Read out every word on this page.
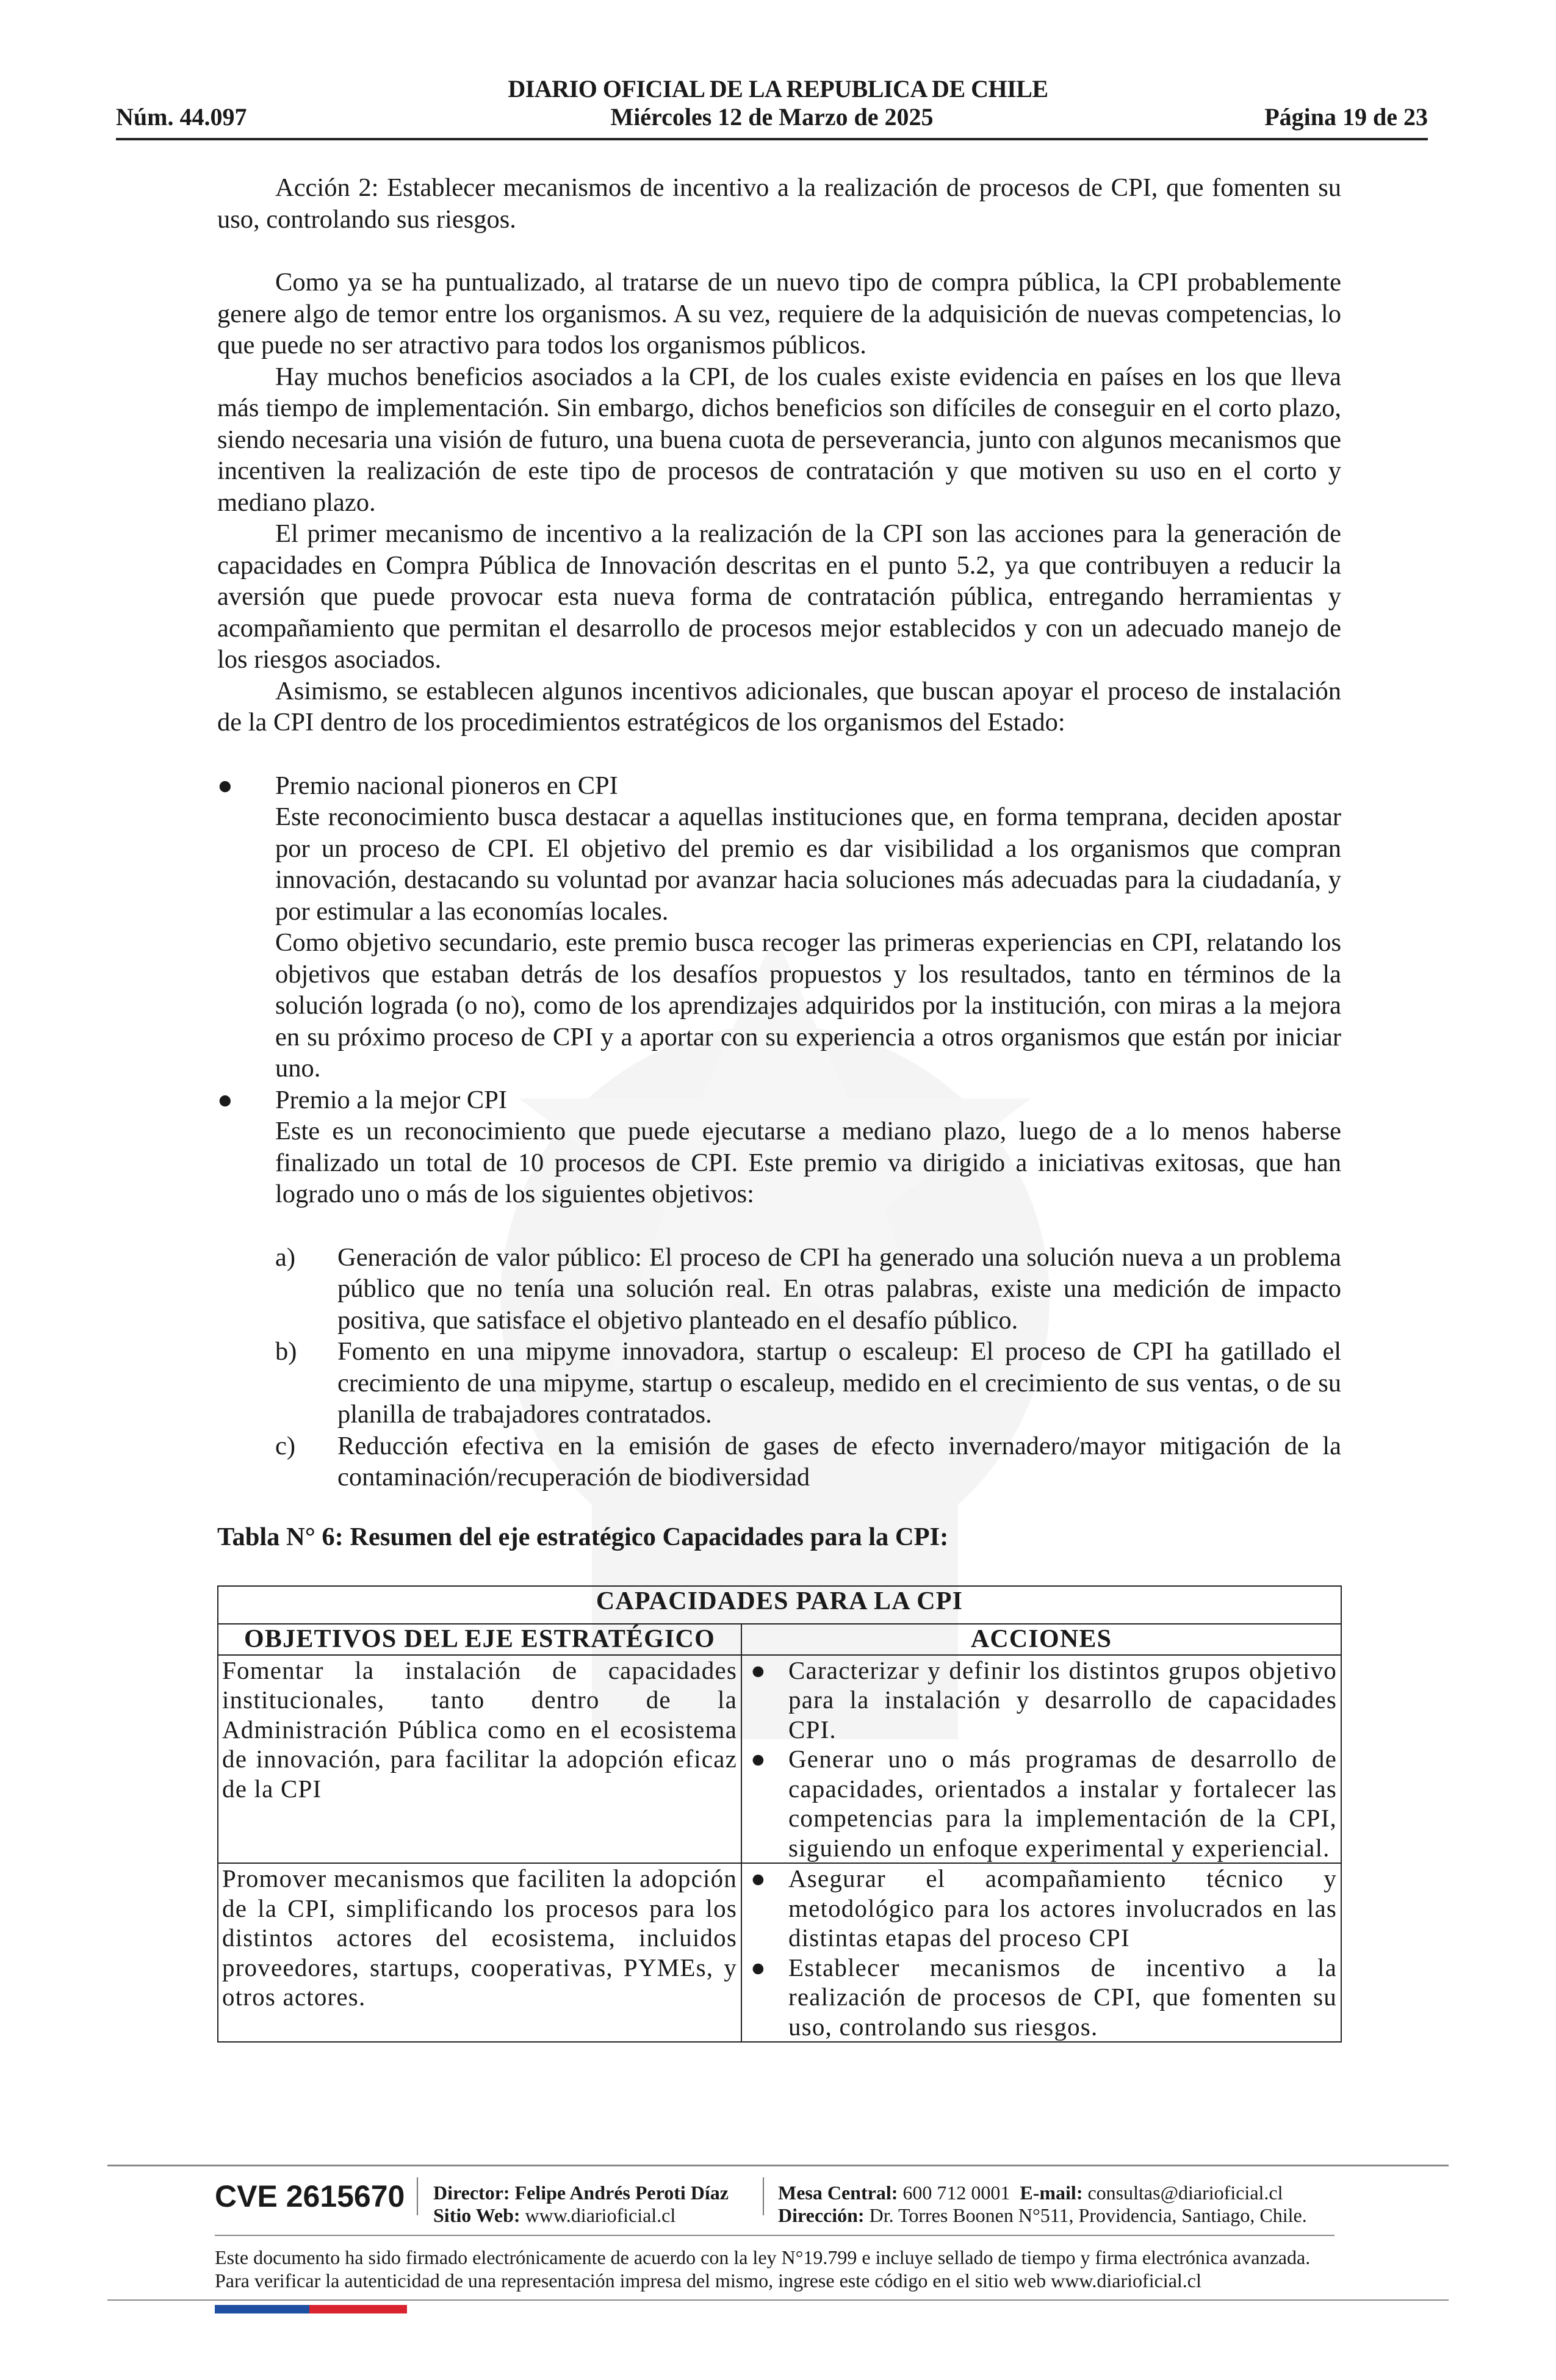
DIARIO OFICIAL DE LA REPUBLICA DE CHILE
Miércoles 12 de Marzo de 2025
Núm. 44.097	Página 19 de 23

Acción 2: Establecer mecanismos de incentivo a la realización de procesos de CPI, que fomenten su uso, controlando sus riesgos.

Como ya se ha puntualizado, al tratarse de un nuevo tipo de compra pública, la CPI probablemente genere algo de temor entre los organismos. A su vez, requiere de la adquisición de nuevas competencias, lo que puede no ser atractivo para todos los organismos públicos.

Hay muchos beneficios asociados a la CPI, de los cuales existe evidencia en países en los que lleva más tiempo de implementación. Sin embargo, dichos beneficios son difíciles de conseguir en el corto plazo, siendo necesaria una visión de futuro, una buena cuota de perseverancia, junto con algunos mecanismos que incentiven la realización de este tipo de procesos de contratación y que motiven su uso en el corto y mediano plazo.

El primer mecanismo de incentivo a la realización de la CPI son las acciones para la generación de capacidades en Compra Pública de Innovación descritas en el punto 5.2, ya que contribuyen a reducir la aversión que puede provocar esta nueva forma de contratación pública, entregando herramientas y acompañamiento que permitan el desarrollo de procesos mejor establecidos y con un adecuado manejo de los riesgos asociados.

Asimismo, se establecen algunos incentivos adicionales, que buscan apoyar el proceso de instalación de la CPI dentro de los procedimientos estratégicos de los organismos del Estado:

●	Premio nacional pioneros en CPI
Este reconocimiento busca destacar a aquellas instituciones que, en forma temprana, deciden apostar por un proceso de CPI. El objetivo del premio es dar visibilidad a los organismos que compran innovación, destacando su voluntad por avanzar hacia soluciones más adecuadas para la ciudadanía, y por estimular a las economías locales.
Como objetivo secundario, este premio busca recoger las primeras experiencias en CPI, relatando los objetivos que estaban detrás de los desafíos propuestos y los resultados, tanto en términos de la solución lograda (o no), como de los aprendizajes adquiridos por la institución, con miras a la mejora en su próximo proceso de CPI y a aportar con su experiencia a otros organismos que están por iniciar uno.
●	Premio a la mejor CPI
Este es un reconocimiento que puede ejecutarse a mediano plazo, luego de a lo menos haberse finalizado un total de 10 procesos de CPI. Este premio va dirigido a iniciativas exitosas, que han logrado uno o más de los siguientes objetivos:
a) Generación de valor público: El proceso de CPI ha generado una solución nueva a un problema público que no tenía una solución real. En otras palabras, existe una medición de impacto positiva, que satisface el objetivo planteado en el desafío público.
b) Fomento en una mipyme innovadora, startup o escaleup: El proceso de CPI ha gatillado el crecimiento de una mipyme, startup o escaleup, medido en el crecimiento de sus ventas, o de su planilla de trabajadores contratados.
c) Reducción efectiva en la emisión de gases de efecto invernadero/mayor mitigación de la contaminación/recuperación de biodiversidad
Tabla N° 6: Resumen del eje estratégico Capacidades para la CPI:
CAPACIDADES PARA LA CPI	
OBJETIVOS DEL EJE ESTRATÉGICO	ACCIONES
Fomentar la instalación de capacidades institucionales, tanto dentro de la Administración Pública como en el ecosistema de innovación, para facilitar la adopción eficaz de la CPI	● Caracterizar y definir los distintos grupos objetivo para la instalación y desarrollo de capacidades CPI.
● Generar uno o más programas de desarrollo de capacidades, orientados a instalar y fortalecer las competencias para la implementación de la CPI, siguiendo un enfoque experimental y experiencial.

Promover mecanismos que faciliten la adopción de la CPI, simplificando los procesos para los distintos actores del ecosistema, incluidos proveedores, startups, cooperativas, PYMEs, y otros actores.	● Asegurar el acompañamiento técnico y metodológico para los actores involucrados en las distintas etapas del proceso CPI
● Establecer mecanismos de incentivo a la realización de procesos de CPI, que fomenten su uso, controlando sus riesgos.
CVE 2615670 Director: Felipe Andrés Peroti Díaz
Sitio Web: www.diarioficial.cl
Mesa Central: 600 712 0001 E-mail: consultas@diarioficial.cl
Dirección: Dr. Torres Boonen N°511, Providencia, Santiago, Chile.
Este documento ha sido firmado electrónicamente de acuerdo con la ley N°19.799 e incluye sellado de tiempo y firma electrónica avanzada. Para verificar la autenticidad de una representación impresa del mismo, ingrese este código en el sitio web www.diarioficial.cl
